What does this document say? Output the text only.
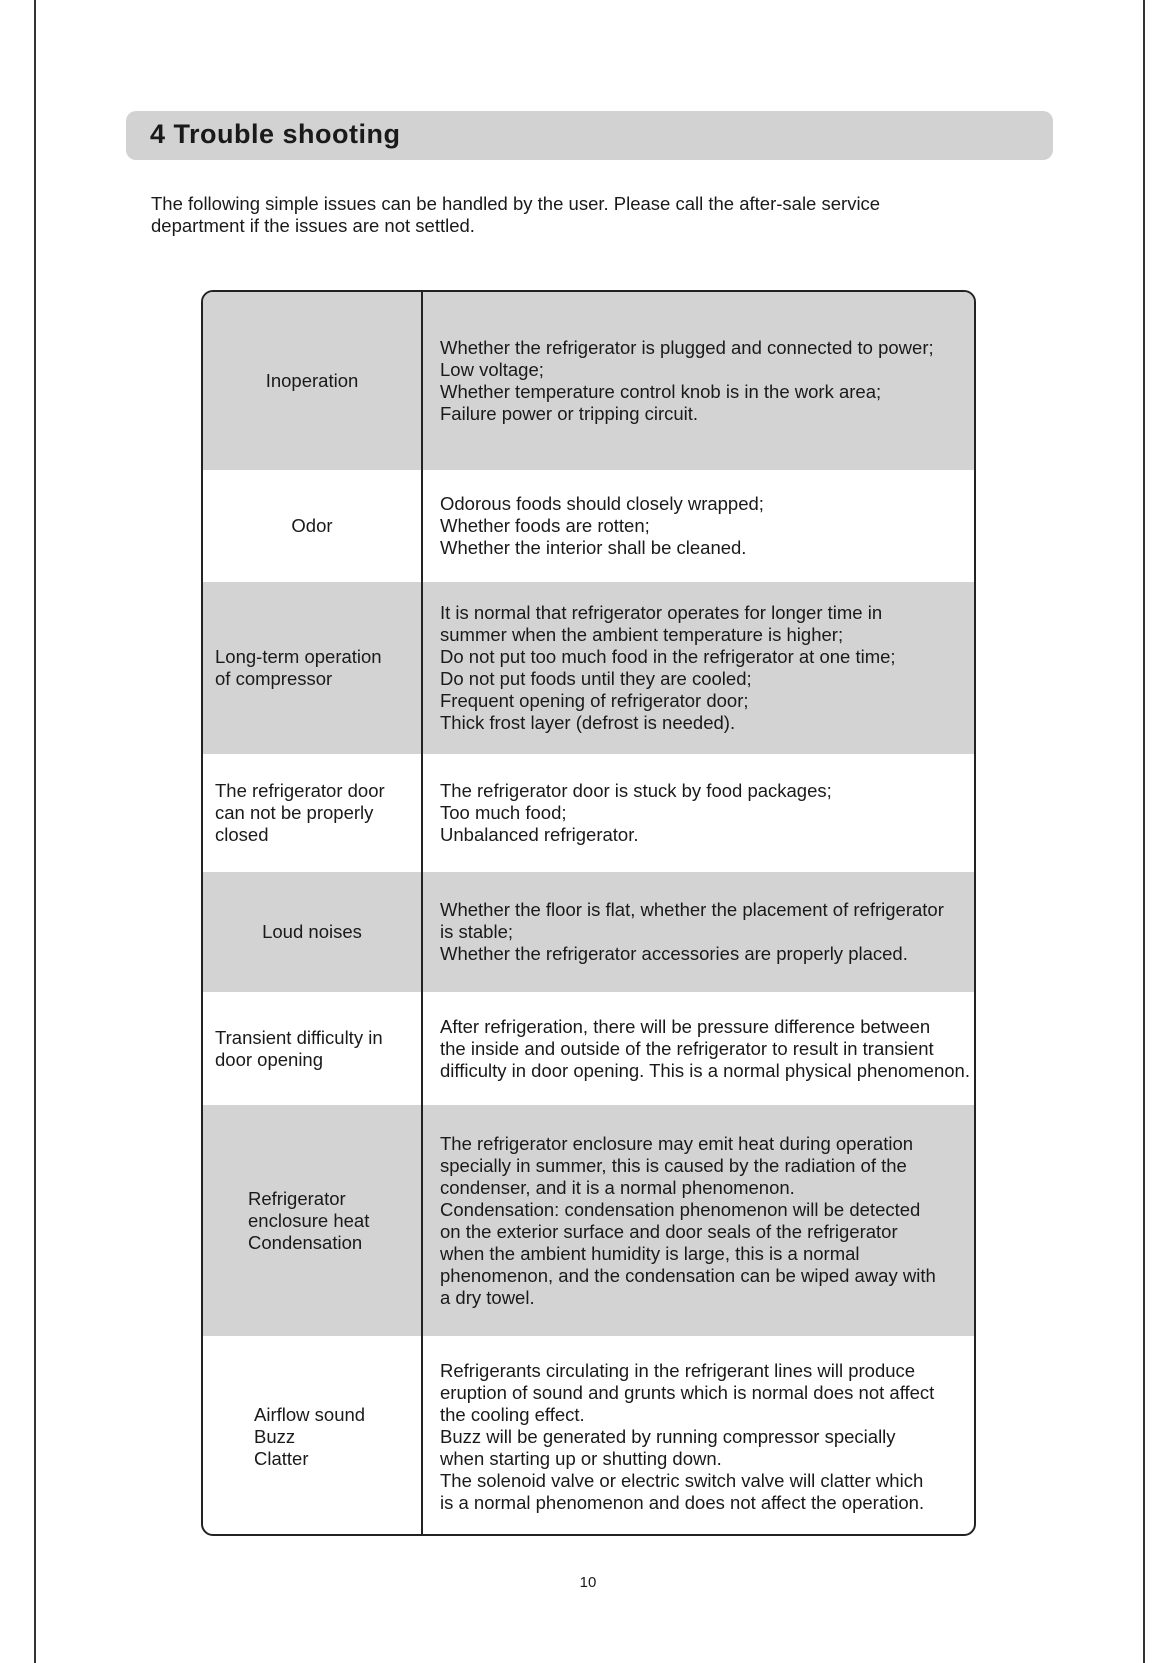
4 Trouble shooting

The following simple issues can be handled by the user. Please call the after-sale service
department if the issues are not settled.

Inoperation
Whether the refrigerator is plugged and connected to power;
Low voltage;
Whether temperature control knob is in the work area;
Failure power or tripping circuit.
Odor
Odorous foods should closely wrapped;
Whether foods are rotten;
Whether the interior shall be cleaned.
Long-term operation
of compressor
It is normal that refrigerator operates for longer time in
summer when the ambient temperature is higher;
Do not put too much food in the refrigerator at one time;
Do not put foods until they are cooled;
Frequent opening of refrigerator door;
Thick frost layer (defrost is needed).
The refrigerator door
can not be properly
closed
The refrigerator door is stuck by food packages;
Too much food;
Unbalanced refrigerator.
Loud noises
Whether the floor is flat, whether the placement of refrigerator
is stable;
Whether the refrigerator accessories are properly placed.
Transient difficulty in
door opening
After refrigeration, there will be pressure difference between
the inside and outside of the refrigerator to result in transient
difficulty in door opening. This is a normal physical phenomenon.
Refrigerator
enclosure heat
Condensation
The refrigerator enclosure may emit heat during operation
specially in summer, this is caused by the radiation of the
condenser, and it is a normal phenomenon.
Condensation: condensation phenomenon will be detected
on the exterior surface and door seals of the refrigerator
when the ambient humidity is large, this is a normal
phenomenon, and the condensation can be wiped away with
a dry towel.
Airflow sound
Buzz
Clatter
Refrigerants circulating in the refrigerant lines will produce
eruption of sound and grunts which is normal does not affect
the cooling effect.
Buzz will be generated by running compressor specially
when starting up or shutting down.
The solenoid valve or electric switch valve will clatter which
is a normal phenomenon and does not affect the operation.
10
